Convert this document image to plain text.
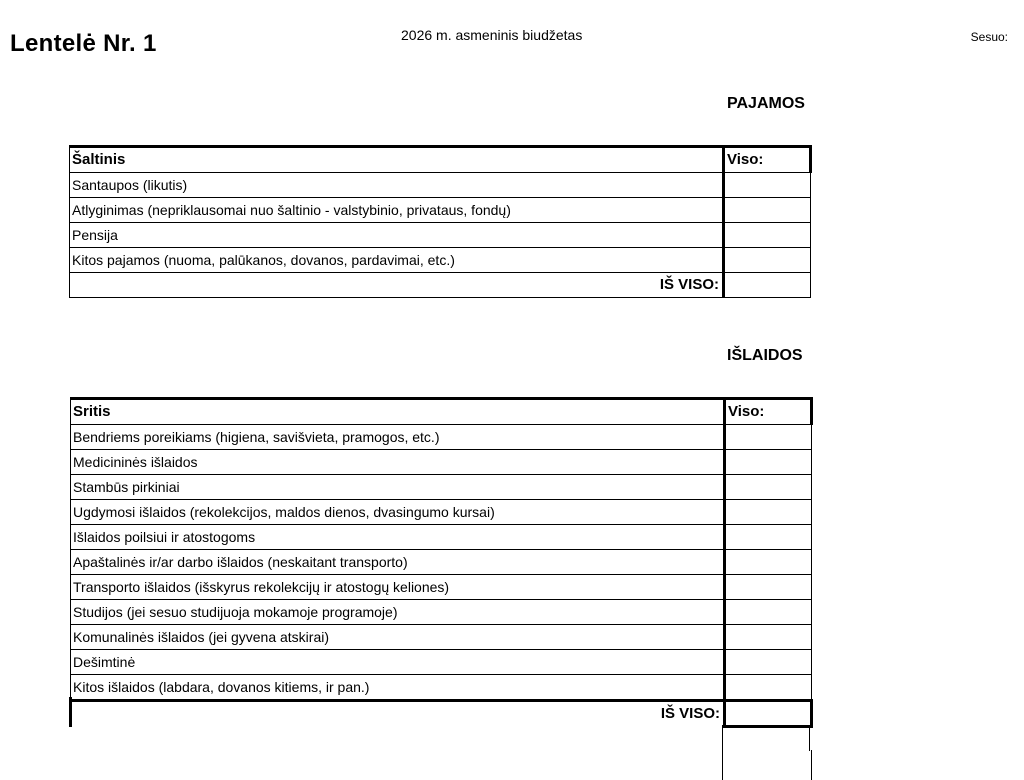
Lentelė Nr. 1	2026 m. asmeninis biudžetas	Sesuo:
PAJAMOS
Šaltinis	Viso:
Santaupos (likutis)	
Atlyginimas (nepriklausomai nuo šaltinio - valstybinio, privataus, fondų)	
Pensija	
Kitos pajamos (nuoma, palūkanos, dovanos, pardavimai, etc.)	
IŠ VISO:	
IŠLAIDOS
Sritis	Viso:
Bendriems poreikiams (higiena, savišvieta, pramogos, etc.)	
Medicininės išlaidos	
Stambūs pirkiniai	
Ugdymosi išlaidos (rekolekcijos, maldos dienos, dvasingumo kursai)	
Išlaidos poilsiui ir atostogoms	
Apaštalinės ir/ar darbo išlaidos (neskaitant transporto)	
Transporto išlaidos (išskyrus rekolekcijų ir atostogų keliones)	
Studijos (jei sesuo studijuoja mokamoje programoje)	
Komunalinės išlaidos (jei gyvena atskirai)	
Dešimtinė	
Kitos išlaidos (labdara, dovanos kitiems, ir pan.)	
IŠ VISO:	
